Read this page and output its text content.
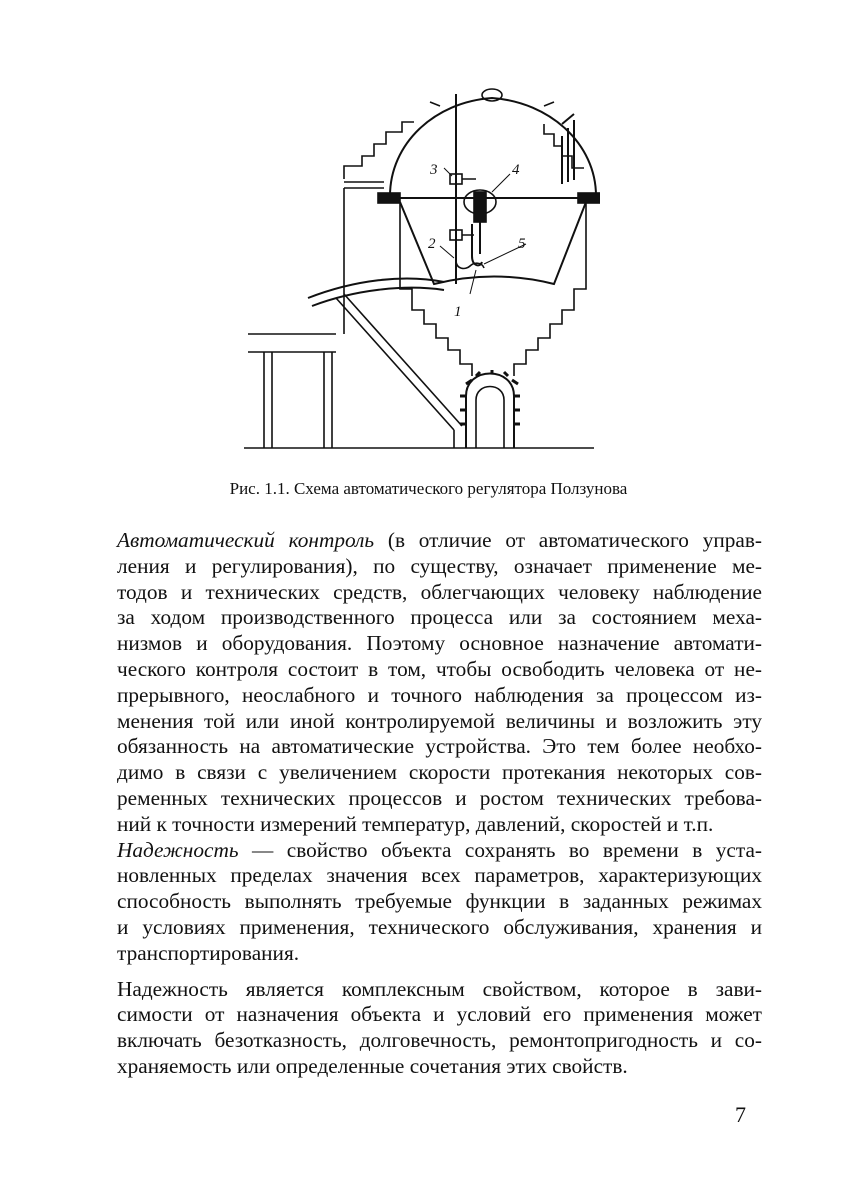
3	4
2	5
1
Рис. 1.1. Схема автоматического регулятора Ползунова

Автоматический контроль (в отличие от автоматического управ-
ления и регулирования), по существу, означает применение ме-
тодов и технических средств, облегчающих человеку наблюдение
за ходом производственного процесса или за состоянием меха-
низмов и оборудования. Поэтому основное назначение автомати-
ческого контроля состоит в том, чтобы освободить человека от не-
прерывного, неослабного и точного наблюдения за процессом из-
менения той или иной контролируемой величины и возложить эту
обязанность на автоматические устройства. Это тем более необхо-
димо в связи с увеличением скорости протекания некоторых сов-
ременных технических процессов и ростом технических требова-
ний к точности измерений температур, давлений, скоростей и т.п.

Надежность — свойство объекта сохранять во времени в уста-
новленных пределах значения всех параметров, характеризующих
способность выполнять требуемые функции в заданных режимах
и условиях применения, технического обслуживания, хранения и
транспортирования.

Надежность является комплексным свойством, которое в зави-
симости от назначения объекта и условий его применения может
включать безотказность, долговечность, ремонтопригодность и со-
храняемость или определенные сочетания этих свойств.

7
